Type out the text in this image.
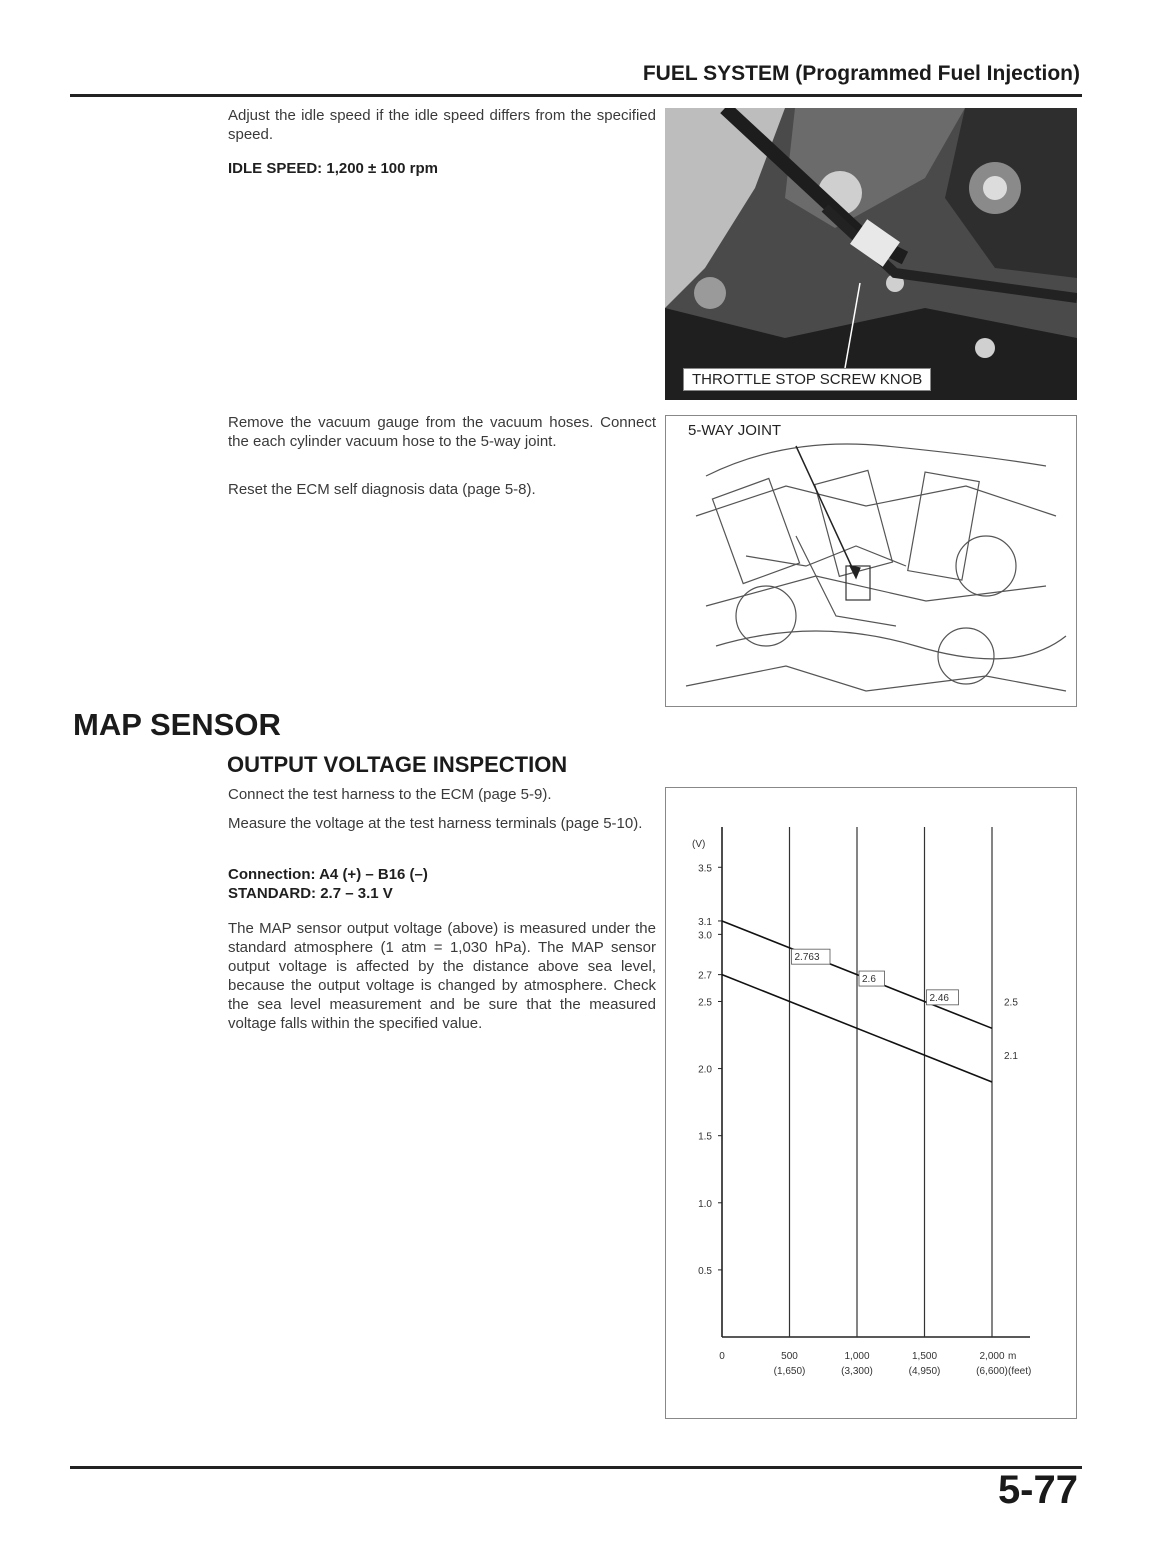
FUEL SYSTEM (Programmed Fuel Injection)
Adjust the idle speed if the idle speed differs from the specified speed.
IDLE SPEED: 1,200 ± 100 rpm
THROTTLE STOP SCREW KNOB
Remove the vacuum gauge from the vacuum hoses. Connect the each cylinder vacuum hose to the 5-way joint.
Reset the ECM self diagnosis data (page 5-8).
5-WAY JOINT
MAP SENSOR
OUTPUT VOLTAGE INSPECTION
Connect the test harness to the ECM (page 5-9).
Measure the voltage at the test harness terminals (page 5-10).
Connection: A4 (+) – B16 (–)
STANDARD: 2.7 – 3.1 V
The MAP sensor output voltage (above) is measured under the standard atmosphere (1 atm = 1,030 hPa). The MAP sensor output voltage is affected by the distance above sea level, because the output voltage is changed by atmosphere. Check the sea level measurement and be sure that the measured voltage falls within the specified value.
(V)
0.5
1.0
1.5
2.0
2.5
3.0
3.5
3.1
2.7
0	500
(1,650)
1,000
(3,300)
1,500
(4,950)
2,000
(6,600)
m
(feet)
2.763
2.6
2.46	2.5
2.1
5-77
